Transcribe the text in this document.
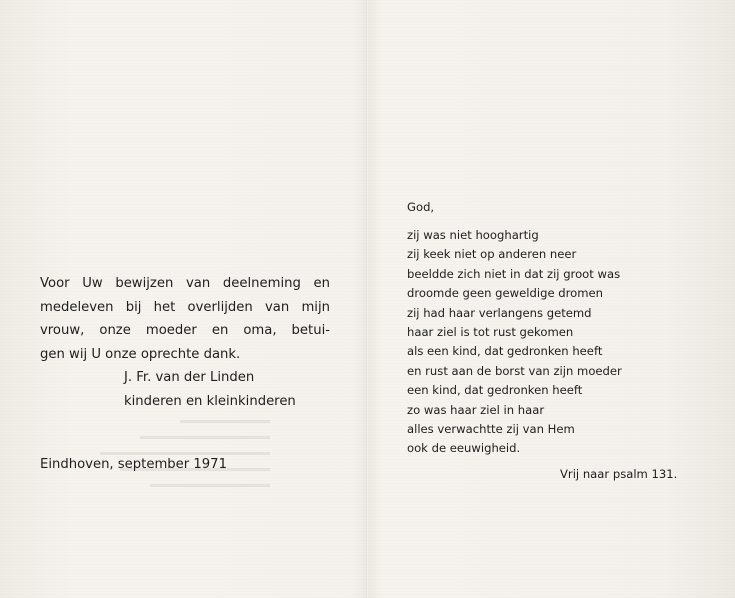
Voor Uw bewijzen van deelneming en
medeleven bij het overlijden van mijn
vrouw, onze moeder en oma, betui-
gen wij U onze oprechte dank.
J. Fr. van der Linden
kinderen en kleinkinderen
Eindhoven, september 1971
God,
zij was niet hooghartig
zij keek niet op anderen neer
beeldde zich niet in dat zij groot was
droomde geen geweldige dromen
zij had haar verlangens getemd
haar ziel is tot rust gekomen
als een kind, dat gedronken heeft
en rust aan de borst van zijn moeder
een kind, dat gedronken heeft
zo was haar ziel in haar
alles verwachtte zij van Hem
ook de eeuwigheid.
Vrij naar psalm 131.
